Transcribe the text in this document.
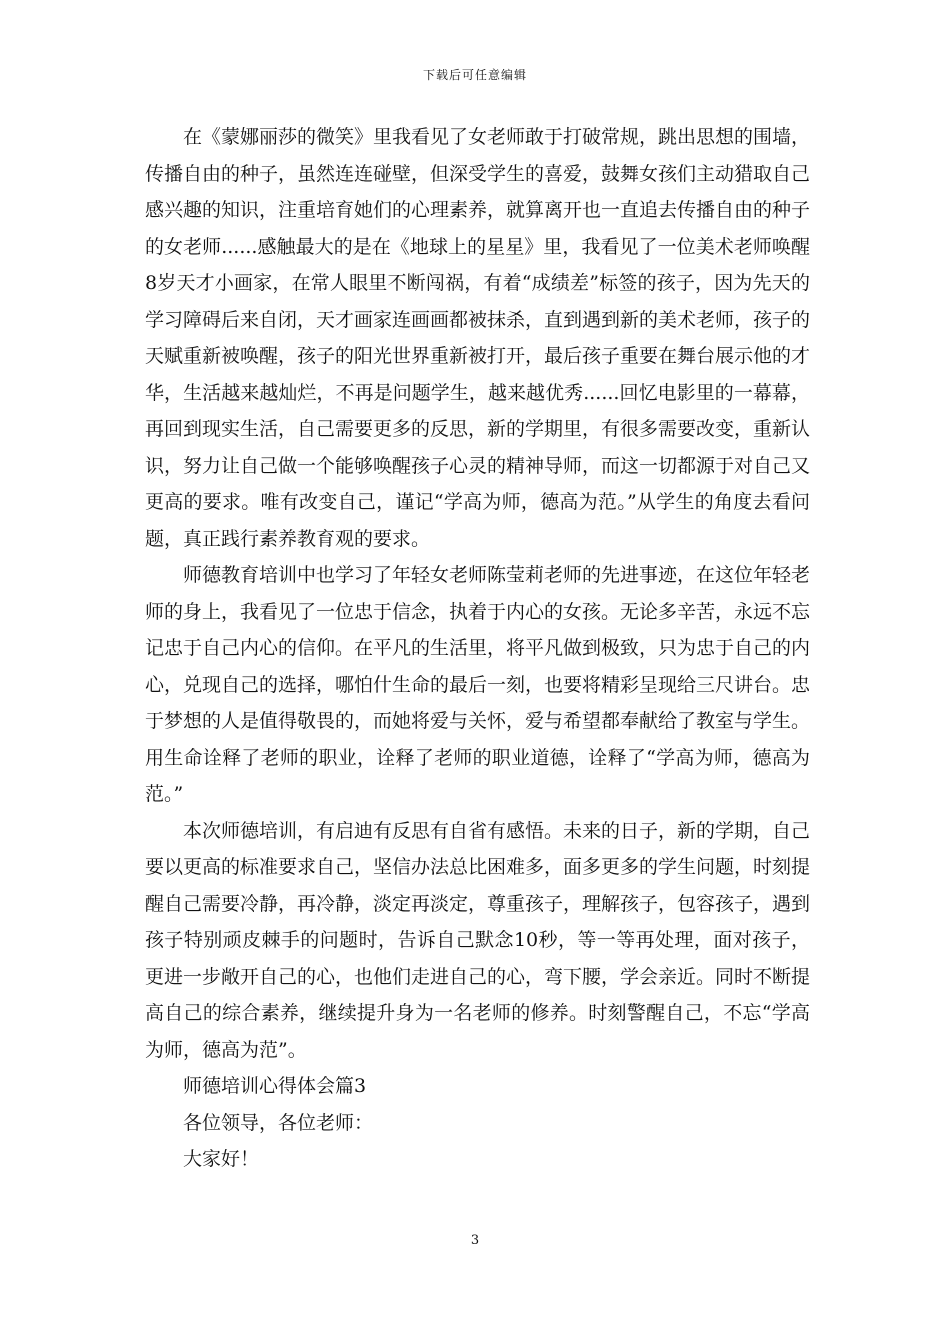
下载后可任意编辑

在《蒙娜丽莎的微笑》里我看见了女老师敢于打破常规，跳出思想的围墙，传播自由的种子，虽然连连碰壁，但深受学生的喜爱，鼓舞女孩们主动猎取自己感兴趣的知识，注重培育她们的心理素养，就算离开也一直追去传播自由的种子的女老师......感触最大的是在《地球上的星星》里，我看见了一位美术老师唤醒8岁天才小画家，在常人眼里不断闯祸，有着“成绩差”标签的孩子，因为先天的学习障碍后来自闭，天才画家连画画都被抹杀，直到遇到新的美术老师，孩子的天赋重新被唤醒，孩子的阳光世界重新被打开，最后孩子重要在舞台展示他的才华，生活越来越灿烂，不再是问题学生，越来越优秀......回忆电影里的一幕幕，再回到现实生活，自己需要更多的反思，新的学期里，有很多需要改变，重新认识，努力让自己做一个能够唤醒孩子心灵的精神导师，而这一切都源于对自己又更高的要求。唯有改变自己，谨记“学高为师，德高为范。”从学生的角度去看问题，真正践行素养教育观的要求。

师德教育培训中也学习了年轻女老师陈莹莉老师的先进事迹，在这位年轻老师的身上，我看见了一位忠于信念，执着于内心的女孩。无论多辛苦，永远不忘记忠于自己内心的信仰。在平凡的生活里，将平凡做到极致，只为忠于自己的内心，兑现自己的选择，哪怕什生命的最后一刻，也要将精彩呈现给三尺讲台。忠于梦想的人是值得敬畏的，而她将爱与关怀，爱与希望都奉献给了教室与学生。用生命诠释了老师的职业，诠释了老师的职业道德，诠释了“学高为师，德高为范。”

本次师德培训，有启迪有反思有自省有感悟。未来的日子，新的学期，自己要以更高的标准要求自己，坚信办法总比困难多，面多更多的学生问题，时刻提醒自己需要冷静，再冷静，淡定再淡定，尊重孩子，理解孩子，包容孩子，遇到孩子特别顽皮棘手的问题时，告诉自己默念10秒，等一等再处理，面对孩子，更进一步敞开自己的心，也他们走进自己的心，弯下腰，学会亲近。同时不断提高自己的综合素养，继续提升身为一名老师的修养。时刻警醒自己，不忘“学高为师，德高为范”。

师德培训心得体会篇3

各位领导，各位老师：

大家好！

3
